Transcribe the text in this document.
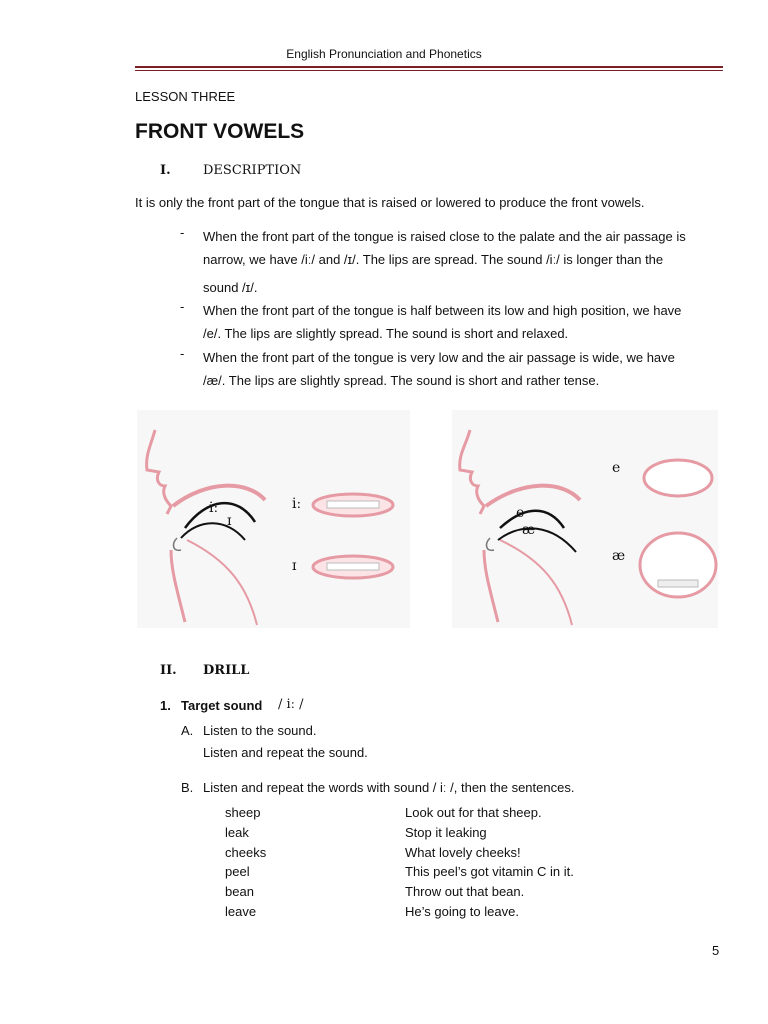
English Pronunciation and Phonetics
LESSON THREE
FRONT VOWELS
I. DESCRIPTION
It is only the front part of the tongue that is raised or lowered to produce the front vowels.
- When the front part of the tongue is raised close to the palate and the air passage is
narrow, we have /iː/ and /ɪ/. The lips are spread. The sound /iː/ is longer than the
sound /ɪ/.
- When the front part of the tongue is half between its low and high position, we have
/e/. The lips are slightly spread. The sound is short and relaxed.
- When the front part of the tongue is very low and the air passage is wide, we have
/æ/. The lips are slightly spread. The sound is short and rather tense.
iː
ɪ
iː
ɪ
e
æ
e
æ
II. DRILL
1. Target sound / iː /
A. Listen to the sound.
Listen and repeat the sound.
B. Listen and repeat the words with sound / iː /, then the sentences.
sheep	Look out for that sheep.
leak	Stop it leaking
cheeks	What lovely cheeks!
peel	This peel’s got vitamin C in it.
bean	Throw out that bean.
leave	He’s going to leave.
5
